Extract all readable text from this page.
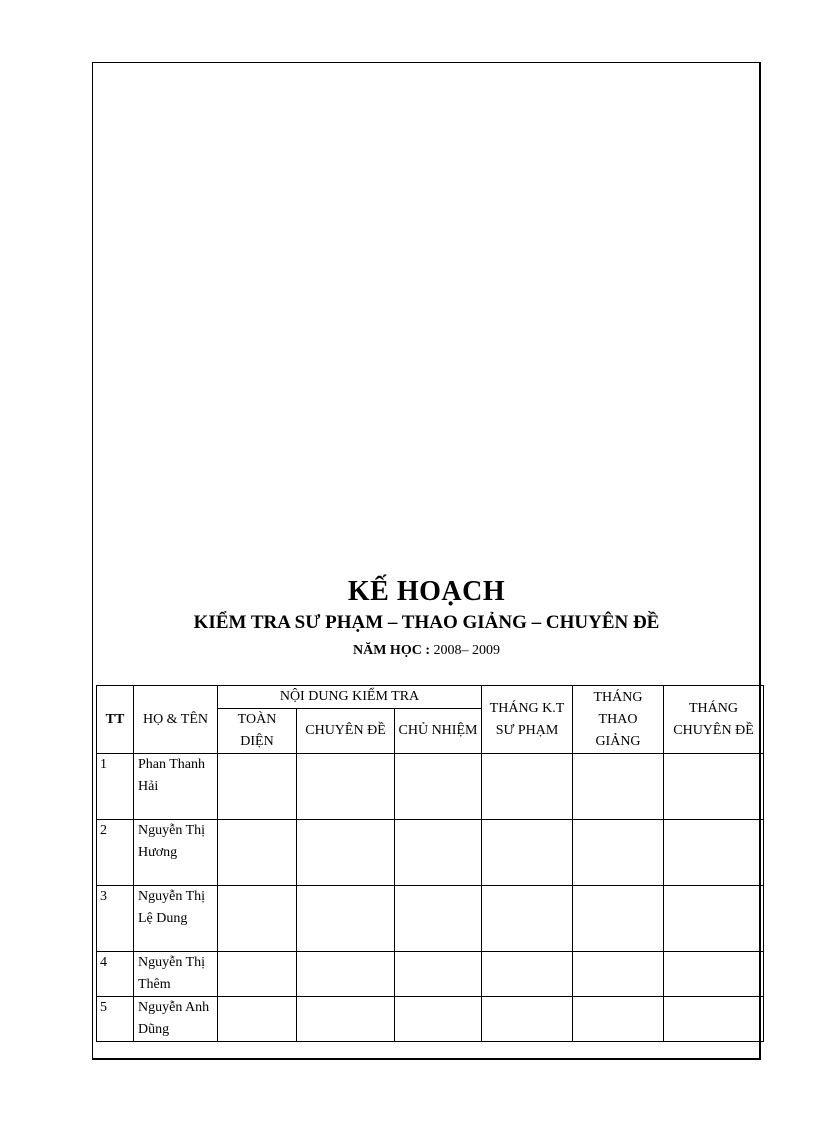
KẾ HOẠCH
KIỂM TRA SƯ PHẠM – THAO GIẢNG – CHUYÊN ĐỀ
NĂM HỌC : 2008– 2009
TT	HỌ & TÊN	NỘI DUNG KIỂM TRA			THÁNG K.T SƯ PHẠM	THÁNG THAO GIẢNG	THÁNG CHUYÊN ĐỀ
		TOÀN DIỆN	CHUYÊN ĐỀ	CHỦ NHIỆM			
1	Phan Thanh Hải						
2	Nguyễn Thị Hương						
3	Nguyễn Thị Lệ Dung						
4	Nguyễn Thị Thêm						
5	Nguyễn Anh Dũng						
